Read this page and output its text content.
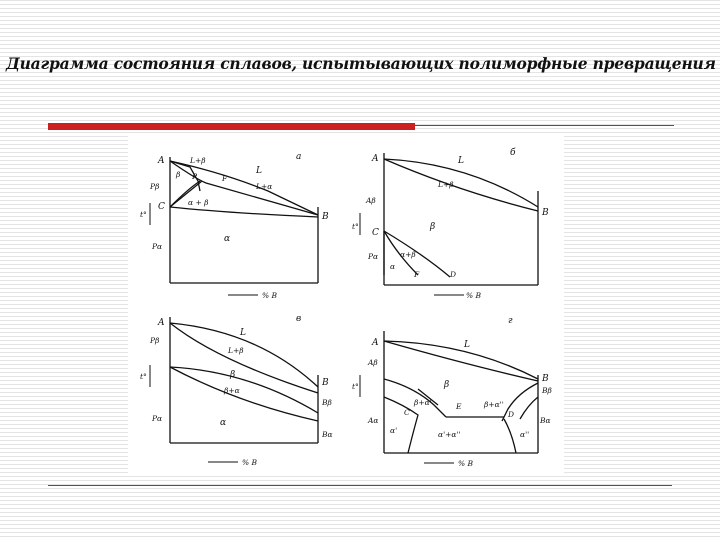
Диаграмма состояния сплавов, испытывающих полиморфные превращения
A	L+β
L
a
β P	F
L+α
Pβ
α + β
C
B
α
Pα
t°
% B
A	L
б
L+β
Aβ
β
B
C
α+β
Pα
α
F	D
t°
% B
A	в
L
Pβ
L+β
β
B
β+α
Bβ
Pα	α
Bα
t°
% B
A
г
L
Aβ
B
Bβ
β
β+α'	E	β+α''
C	D
Aα	Bα
α'	α'+α''	α''
t°
% B
